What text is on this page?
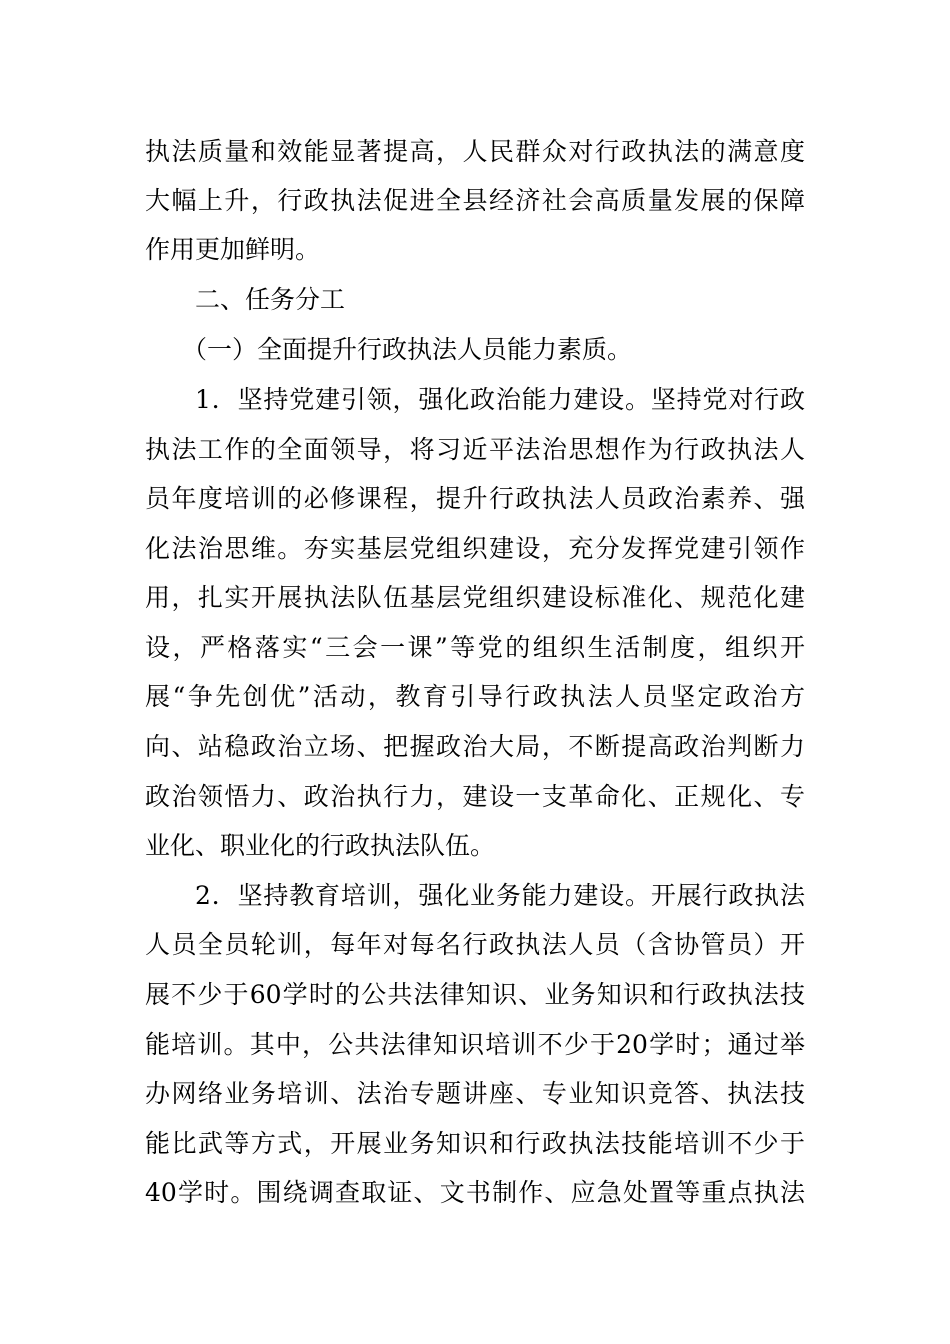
执法质量和效能显著提高，人民群众对行政执法的满意度
大幅上升，行政执法促进全县经济社会高质量发展的保障
作用更加鲜明。
二、任务分工
（一）全面提升行政执法人员能力素质。
1．坚持党建引领，强化政治能力建设。坚持党对行政
执法工作的全面领导，将习近平法治思想作为行政执法人
员年度培训的必修课程，提升行政执法人员政治素养、强
化法治思维。夯实基层党组织建设，充分发挥党建引领作
用，扎实开展执法队伍基层党组织建设标准化、规范化建
设，严格落实“三会一课”等党的组织生活制度，组织开
展“争先创优”活动，教育引导行政执法人员坚定政治方
向、站稳政治立场、把握政治大局，不断提高政治判断力
政治领悟力、政治执行力，建设一支革命化、正规化、专
业化、职业化的行政执法队伍。
2．坚持教育培训，强化业务能力建设。开展行政执法
人员全员轮训，每年对每名行政执法人员（含协管员）开
展不少于60学时的公共法律知识、业务知识和行政执法技
能培训。其中，公共法律知识培训不少于20学时；通过举
办网络业务培训、法治专题讲座、专业知识竞答、执法技
能比武等方式，开展业务知识和行政执法技能培训不少于
40学时。围绕调查取证、文书制作、应急处置等重点执法
